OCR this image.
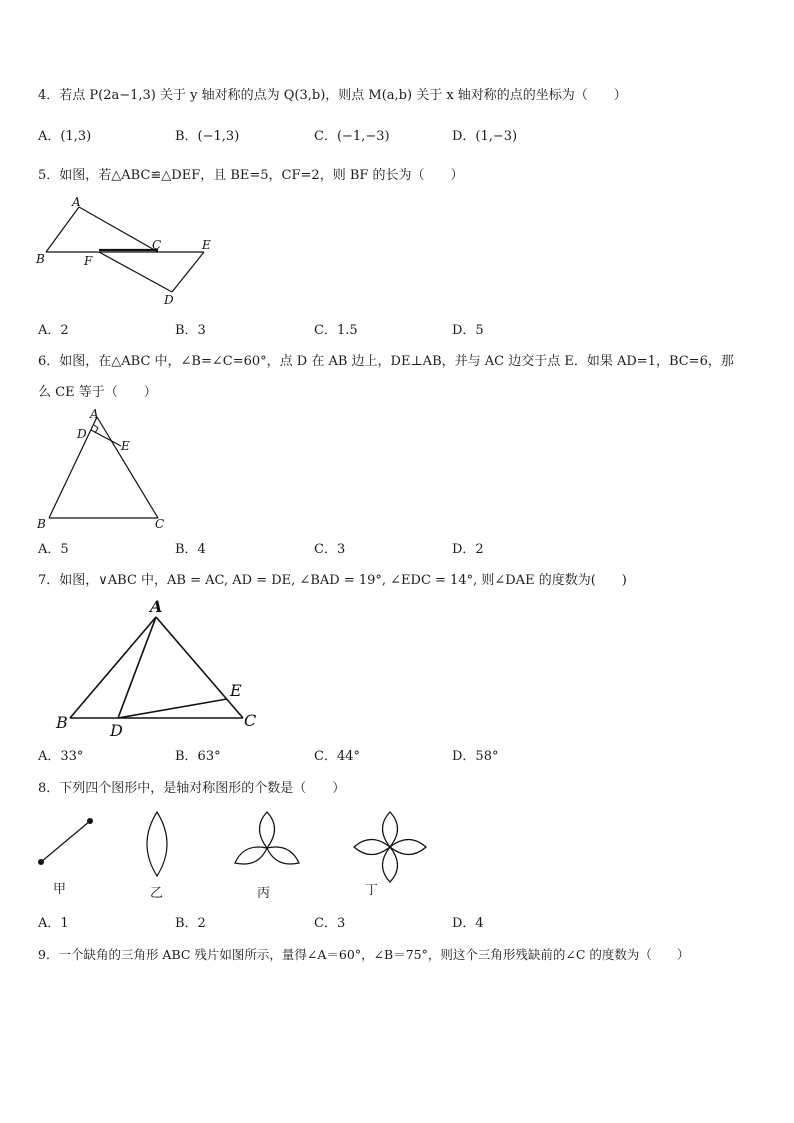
4．若点 P(2a−1,3) 关于 y 轴对称的点为 Q(3,b)，则点 M(a,b) 关于 x 轴对称的点的坐标为（　　）
A．(1,3)	B．(−1,3)	C．(−1,−3)	D．(1,−3)
5．如图，若△ABC≌△DEF，且 BE=5，CF=2，则 BF 的长为（　　）
A
B	F
C	E
D
A．2	B．3	C．1.5	D．5
6．如图，在△ABC 中，∠B=∠C=60°，点 D 在 AB 边上，DE⊥AB，并与 AC 边交于点 E．如果 AD=1，BC=6，那
么 CE 等于（　　）
A
D
E
B	C
A．5	B．4	C．3	D．2
7．如图，∨ABC 中，AB = AC, AD = DE, ∠BAD = 19°, ∠EDC = 14°, 则∠DAE 的度数为(　　)
A
E
B	D
C
A．33°	B．63°	C．44°	D．58°
8．下列四个图形中，是轴对称图形的个数是（　　）
甲	乙	丙	丁
A．1	B．2	C．3	D．4
9．一个缺角的三角形 ABC 残片如图所示，量得∠A＝60°，∠B＝75°，则这个三角形残缺前的∠C 的度数为（　　）
